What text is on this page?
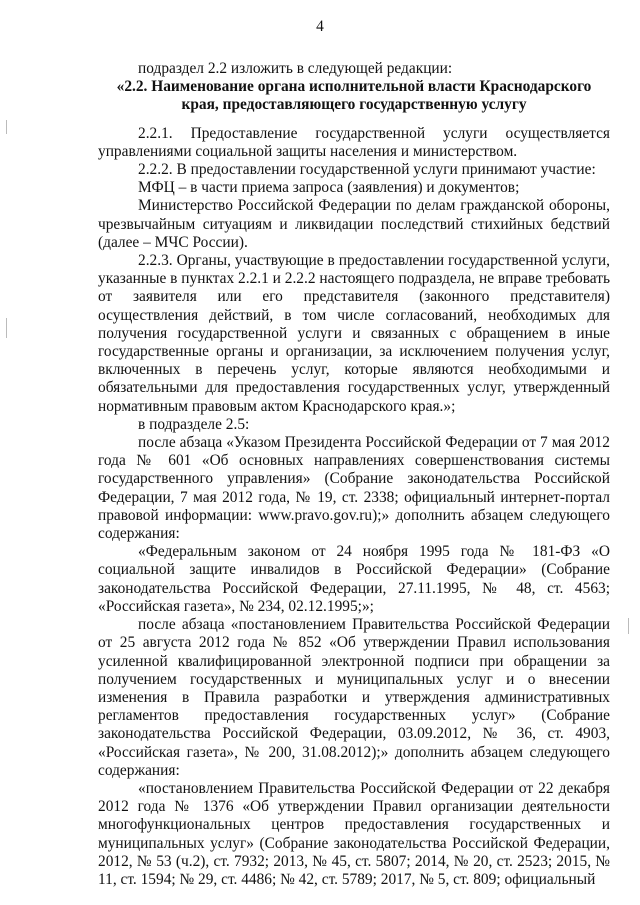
4

подраздел 2.2 изложить в следующей редакции:

«2.2. Наименование органа исполнительной власти Краснодарского края, предоставляющего государственную услугу

2.2.1. Предоставление государственной услуги осуществляется управлениями социальной защиты населения и министерством.

2.2.2. В предоставлении государственной услуги принимают участие:

МФЦ – в части приема запроса (заявления) и документов;

Министерство Российской Федерации по делам гражданской обороны, чрезвычайным ситуациям и ликвидации последствий стихийных бедствий (далее – МЧС России).

2.2.3. Органы, участвующие в предоставлении государственной услуги, указанные в пунктах 2.2.1 и 2.2.2 настоящего подраздела, не вправе требовать от заявителя или его представителя (законного представителя) осуществления действий, в том числе согласований, необходимых для получения государственной услуги и связанных с обращением в иные государственные органы и организации, за исключением получения услуг, включенных в перечень услуг, которые являются необходимыми и обязательными для предоставления государственных услуг, утвержденный нормативным правовым актом Краснодарского края.»;

в подразделе 2.5:

после абзаца «Указом Президента Российской Федерации от 7 мая 2012 года № 601 «Об основных направлениях совершенствования системы государственного управления» (Собрание законодательства Российской Федерации, 7 мая 2012 года, № 19, ст. 2338; официальный интернет-портал правовой информации: www.pravo.gov.ru);» дополнить абзацем следующего содержания:

«Федеральным законом от 24 ноября 1995 года № 181-ФЗ «О социальной защите инвалидов в Российской Федерации» (Собрание законодательства Российской Федерации, 27.11.1995, № 48, ст. 4563; «Российская газета», № 234, 02.12.1995;»;

после абзаца «постановлением Правительства Российской Федерации от 25 августа 2012 года № 852 «Об утверждении Правил использования усиленной квалифицированной электронной подписи при обращении за получением государственных и муниципальных услуг и о внесении изменения в Правила разработки и утверждения административных регламентов предоставления государственных услуг» (Собрание законодательства Российской Федерации, 03.09.2012, № 36, ст. 4903, «Российская газета», № 200, 31.08.2012);» дополнить абзацем следующего содержания:

«постановлением Правительства Российской Федерации от 22 декабря 2012 года № 1376 «Об утверждении Правил организации деятельности многофункциональных центров предоставления государственных и муниципальных услуг» (Собрание законодательства Российской Федерации, 2012, № 53 (ч.2), ст. 7932; 2013, № 45, ст. 5807; 2014, № 20, ст. 2523; 2015, № 11, ст. 1594; № 29, ст. 4486; № 42, ст. 5789; 2017, № 5, ст. 809; официальный
